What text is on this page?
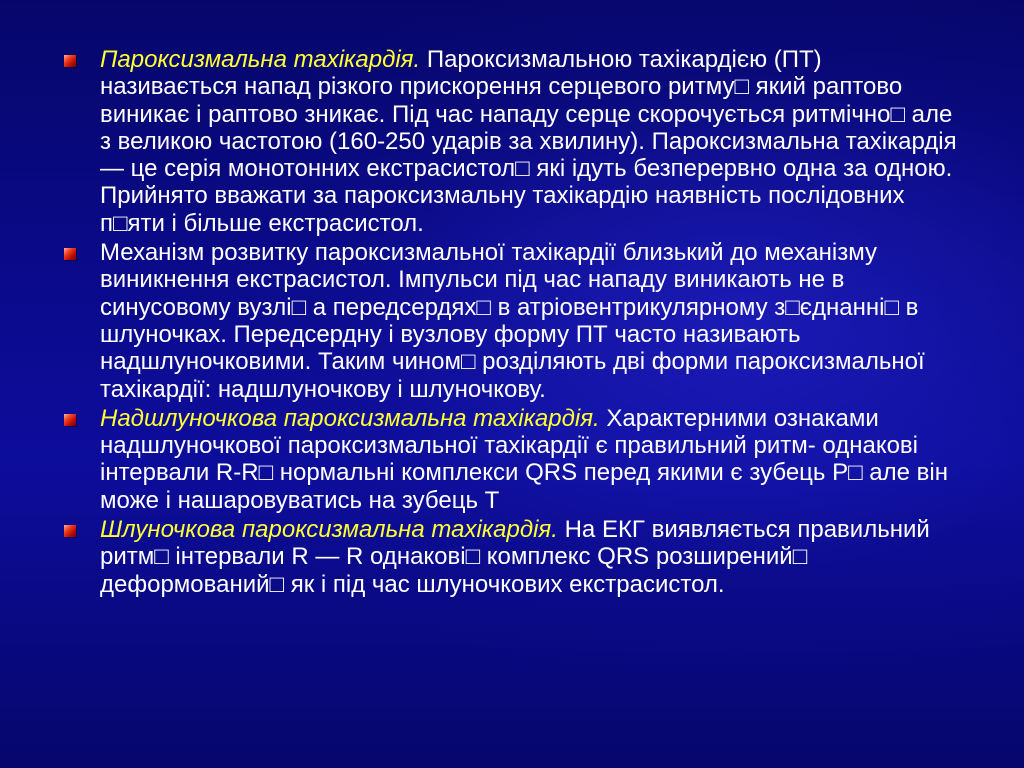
Пароксизмальна тахікардія. Пароксизмальною тахікардією (ПТ) називається напад різкого прискорення серцевого ритму□ який раптово виникає і раптово зникає. Під час нападу серце скорочується ритмічно□ але з великою частотою (160-250 ударів за хвилину). Пароксизмальна тахікардія — це серія монотонних екстрасистол□ які ідуть безперервно одна за одною. Прийнято вважати за пароксизмальну тахікардію наявність послідовних п□яти і більше екстрасистол.
Механізм розвитку пароксизмальної тахікардії близький до механізму виникнення екстрасистол. Імпульси під час нападу виникають не в синусовому вузлі□ а передсердях□ в атріовентрикулярному з□єднанні□ в шлуночках. Передсердну і вузлову форму ПТ часто називають надшлуночковими. Таким чином□ розділяють дві форми пароксизмальної тахікардії: надшлуночкову і шлуночкову.
Надшлуночкова пароксизмальна тахікардія. Характерними ознаками надшлуночкової пароксизмальної тахікардії є правильний ритм- однакові інтервали R-R□ нормальні комплекси QRS перед якими є зубець Р□ але він може і нашаровуватись на зубець Т
Шлуночкова пароксизмальна тахікардія. На ЕКГ виявляється правильний ритм□ інтервали R — R однакові□ комплекс QRS розширений□ деформований□ як і під час шлуночкових екстрасистол.
